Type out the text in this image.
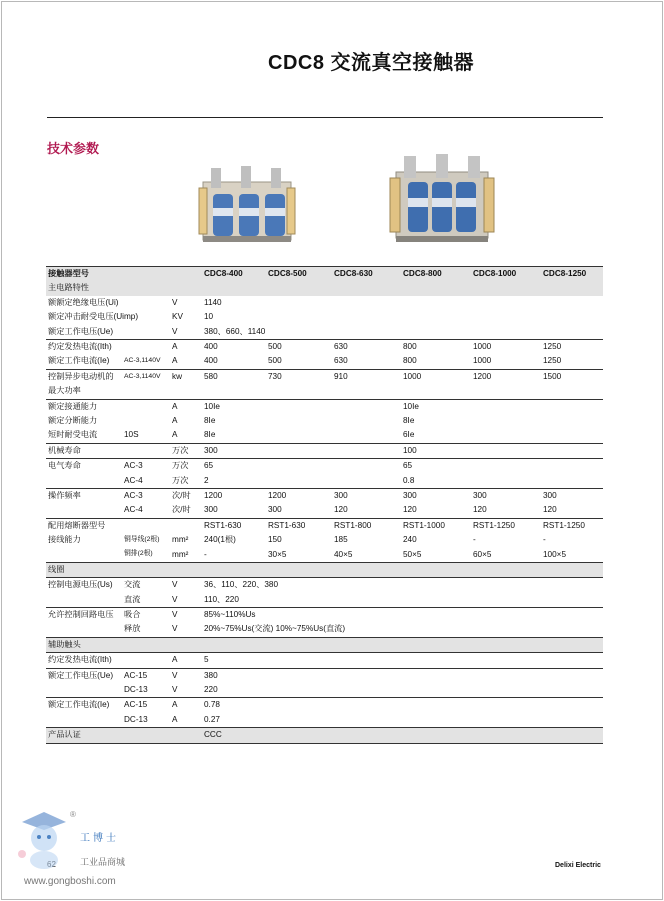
CDC8 交流真空接触器
技术参数
接触器型号			CDC8-400	CDC8-500	CDC8-630	CDC8-800	CDC8-1000	CDC8-1250
主电路特性								
额额定绝缘电压(Ui)		V	1140					
额定冲击耐受电压(Uimp)		KV	10					
额定工作电压(Ue)		V	380、660、1140					
约定发热电流(Ith)		A	400	500	630	800	1000	1250
额定工作电流(Ie)	AC-3,1140V	A	400	500	630	800	1000	1250
控制异步电动机的	AC-3,1140V	kw	580	730	910	1000	1200	1500
最大功率								
额定接通能力		A	10Ie			10Ie		
额定分断能力		A	8Ie			8Ie		
短时耐受电流	10S	A	8Ie			6Ie		
机械寿命		万次	300			100		
电气寿命	AC-3	万次	65			65		
	AC-4	万次	2			0.8		
操作频率	AC-3	次/时	1200	1200	300	300	300	300
	AC-4	次/时	300	300	120	120	120	120
配用熔断器型号			RST1-630	RST1-630	RST1-800	RST1-1000	RST1-1250	RST1-1250
接线能力	铜导线(2根)	mm²	240(1根)	150	185	240	-	-
	铜排(2根)	mm²	-	30×5	40×5	50×5	60×5	100×5
线圈								
控制电源电压(Us)	交流	V	36、110、220、380					
	直流	V	110、220					
允许控制回路电压	吸合	V	85%~110%Us					
	释放	V	20%~75%Us(交流) 10%~75%Us(直流)					
辅助触头								
约定发热电流(Ith)		A	5					
额定工作电压(Ue)	AC-15	V	380					
	DC-13	V	220					
额定工作电流(Ie)	AC-15	A	0.78					
	DC-13	A	0.27					
产品认证			CCC					
Delixi Electric
®
工博士
工业品商城
www.gongboshi.com
